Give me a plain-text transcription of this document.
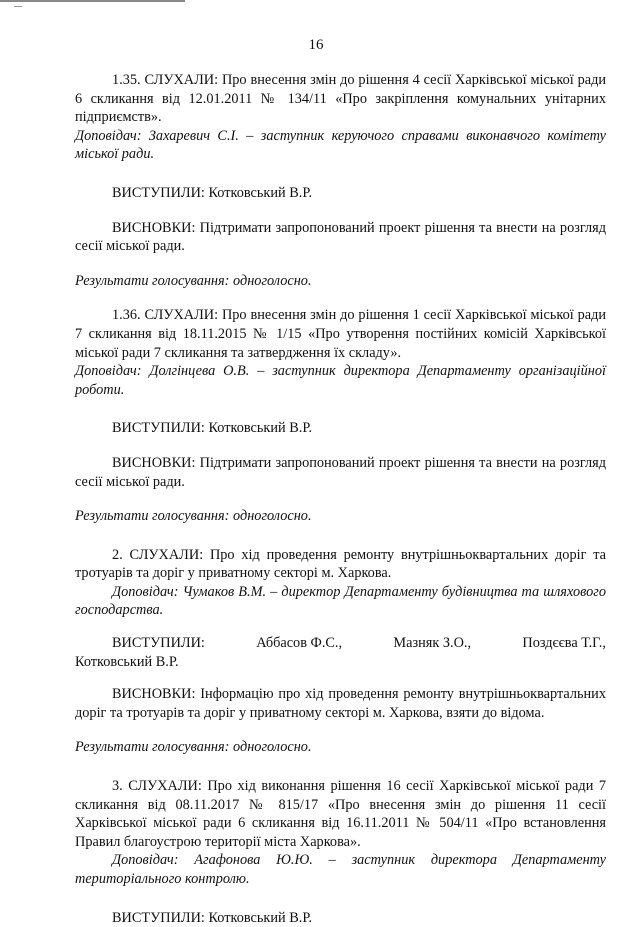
16

1.35. СЛУХАЛИ: Про внесення змін до рішення 4 сесії Харківської міської ради 6 скликання від 12.01.2011 № 134/11 «Про закріплення комунальних унітарних підприємств».

Доповідач: Захаревич С.І. – заступник керуючого справами виконавчого комітету міської ради.

ВИСТУПИЛИ: Котковський В.Р.

ВИСНОВКИ: Підтримати запропонований проект рішення та внести на розгляд сесії міської ради.

Результати голосування: одноголосно.

1.36. СЛУХАЛИ: Про внесення змін до рішення 1 сесії Харківської міської ради 7 скликання від 18.11.2015 № 1/15 «Про утворення постійних комісій Харківської міської ради 7 скликання та затвердження їх складу».

Доповідач: Долгінцева О.В. – заступник директора Департаменту організаційної роботи.

ВИСТУПИЛИ: Котковський В.Р.

ВИСНОВКИ: Підтримати запропонований проект рішення та внести на розгляд сесії міської ради.

Результати голосування: одноголосно.

2. СЛУХАЛИ: Про хід проведення ремонту внутрішньоквартальних доріг та тротуарів та доріг у приватному секторі м. Харкова.

Доповідач: Чумаков В.М. – директор Департаменту будівництва та шляхового господарства.

ВИСТУПИЛИ:	Аббасов Ф.С.,	Мазняк З.О.,	Поздєєва Т.Г.,

Котковський В.Р.

ВИСНОВКИ: Інформацію про хід проведення ремонту внутрішньоквартальних доріг та тротуарів та доріг у приватному секторі м. Харкова, взяти до відома.

Результати голосування: одноголосно.

3. СЛУХАЛИ: Про хід виконання рішення 16 сесії Харківської міської ради 7 скликання від 08.11.2017 № 815/17 «Про внесення змін до рішення 11 сесії Харківської міської ради 6 скликання від 16.11.2011 № 504/11 «Про встановлення Правил благоустрою території міста Харкова».

Доповідач: Агафонова Ю.Ю. – заступник директора Департаменту територіального контролю.

ВИСТУПИЛИ: Котковський В.Р.
